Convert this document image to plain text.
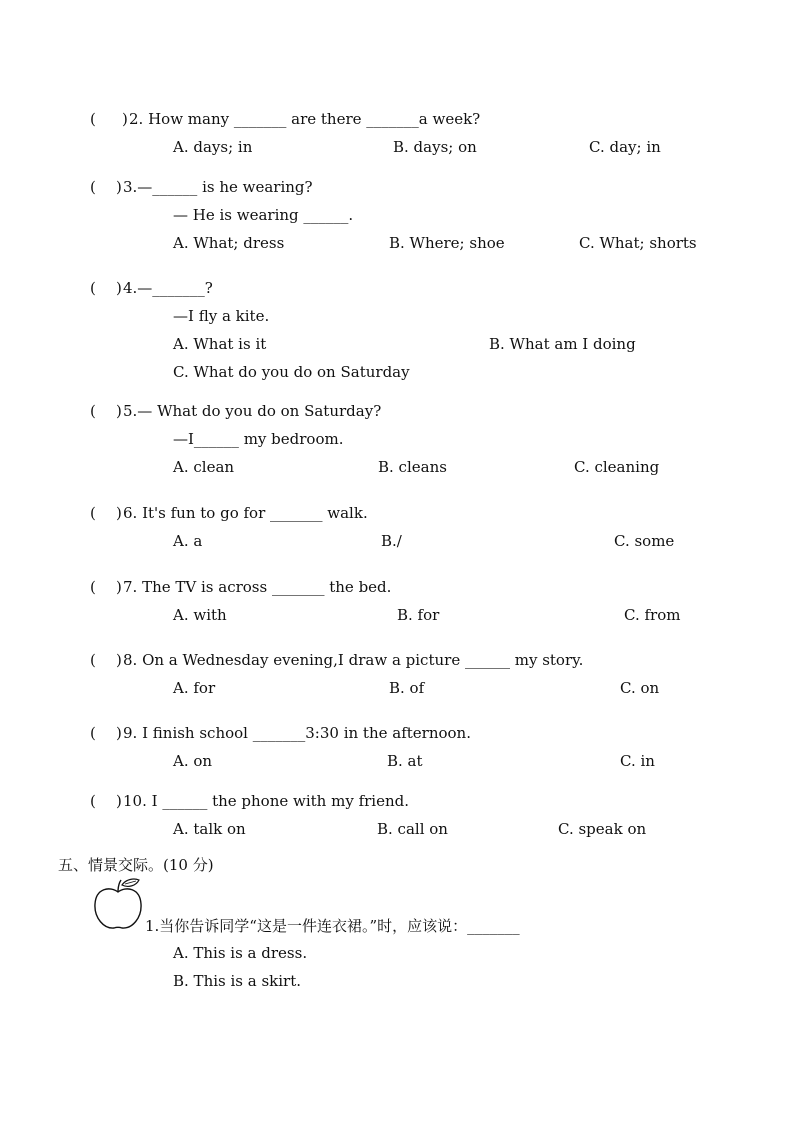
( ) 2. How many _______ are there _______a week?
A. days; in	B. days; on	C. day; in
( ) 3.—______ is he wearing?
— He is wearing ______.
A. What; dress	B. Where; shoe	C. What; shorts
( ) 4.—_______?
—I fly a kite.
A. What is it	B. What am I doing
C. What do you do on Saturday
( ) 5.— What do you do on Saturday?
—I______ my bedroom.
A. clean	B. cleans	C. cleaning
( ) 6. It's fun to go for _______ walk.
A. a	B./	C. some
( ) 7. The TV is across _______ the bed.
A. with	B. for	C. from
( ) 8. On a Wednesday evening,I draw a picture ______ my story.
A. for	B. of	C. on
( ) 9. I finish school _______3:30 in the afternoon.
A. on	B. at	C. in
( ) 10. I ______ the phone with my friend.
A. talk on	B. call on	C. speak on
五、情景交际。(10 分)
1.当你告诉同学“这是一件连衣裙。”时，应该说：_______
A. This is a dress.
B. This is a skirt.
